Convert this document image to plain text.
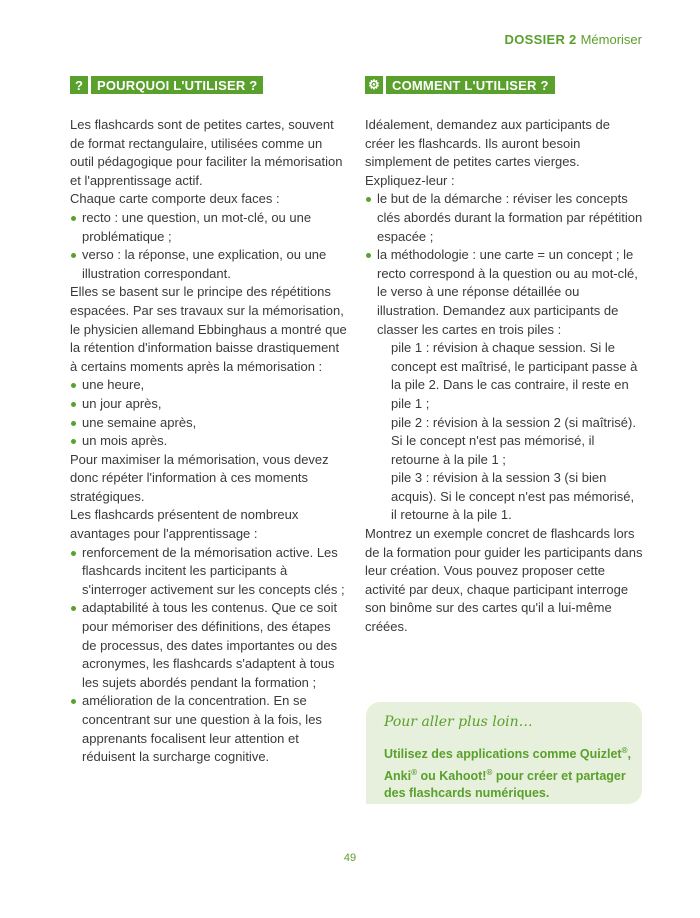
DOSSIER 2 Mémoriser
?	POURQUOI L'UTILISER ?

Les flashcards sont de petites cartes, souvent de format rectangulaire, utilisées comme un outil pédagogique pour faciliter la mémorisation et l'apprentissage actif.

Chaque carte comporte deux faces :

recto : une question, un mot-clé, ou une problématique ;
verso : la réponse, une explication, ou une illustration correspondant.

Elles se basent sur le principe des répétitions espacées. Par ses travaux sur la mémorisation, le physicien allemand Ebbinghaus a montré que la rétention d'information baisse drastiquement à certains moments après la mémorisation :

une heure,
un jour après,
une semaine après,
un mois après.

Pour maximiser la mémorisation, vous devez donc répéter l'information à ces moments stratégiques.

Les flashcards présentent de nombreux avantages pour l'apprentissage :

renforcement de la mémorisation active. Les flashcards incitent les participants à s'interroger activement sur les concepts clés ;
adaptabilité à tous les contenus. Que ce soit pour mémoriser des définitions, des étapes de processus, des dates importantes ou des acronymes, les flashcards s'adaptent à tous les sujets abordés pendant la formation ;
amélioration de la concentration. En se concentrant sur une question à la fois, les apprenants focalisent leur attention et réduisent la surcharge cognitive.
⚙ COMMENT L'UTILISER ?

Idéalement, demandez aux participants de créer les flashcards. Ils auront besoin simplement de petites cartes vierges. Expliquez-leur :

le but de la démarche : réviser les concepts clés abordés durant la formation par répétition espacée ;
la méthodologie : une carte = un concept ; le recto correspond à la question ou au mot-clé, le verso à une réponse détaillée ou illustration. Demandez aux participants de classer les cartes en trois piles :

pile 1 : révision à chaque session. Si le concept est maîtrisé, le participant passe à la pile 2. Dans le cas contraire, il reste en pile 1 ;

pile 2 : révision à la session 2 (si maîtrisé). Si le concept n'est pas mémorisé, il retourne à la pile 1 ;

pile 3 : révision à la session 3 (si bien acquis). Si le concept n'est pas mémorisé, il retourne à la pile 1.

Montrez un exemple concret de flashcards lors de la formation pour guider les participants dans leur création. Vous pouvez proposer cette activité par deux, chaque participant interroge son binôme sur des cartes qu'il a lui-même créées.

Pour aller plus loin…
Utilisez des applications comme Quizlet®, Anki® ou Kahoot!® pour créer et partager des flashcards numériques.
49
